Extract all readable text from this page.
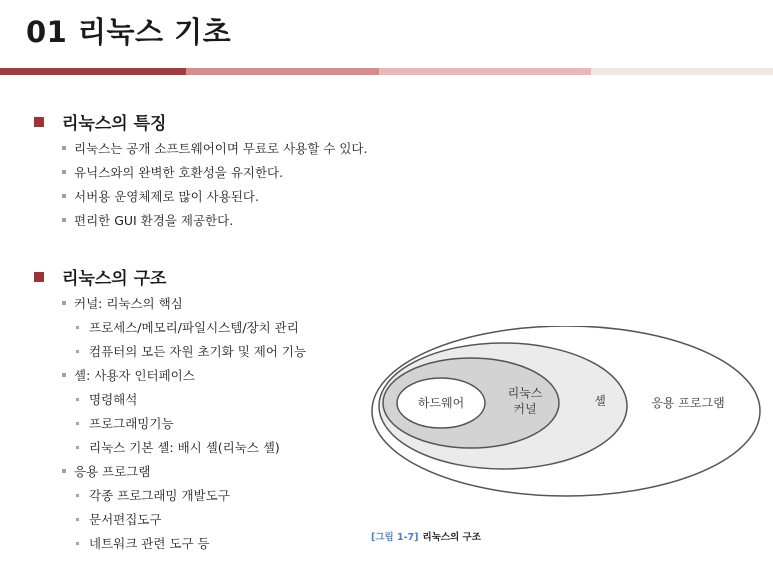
01 리눅스 기초
리눅스의 특징
리눅스는 공개 소프트웨어이며 무료로 사용할 수 있다.
유닉스와의 완벽한 호환성을 유지한다.
서버용 운영체제로 많이 사용된다.
편리한 GUI 환경을 제공한다.
리눅스의 구조
커널: 리눅스의 핵심
프로세스/메모리/파일시스템/장치 관리
컴퓨터의 모든 자원 초기화 및 제어 기능
셸: 사용자 인터페이스
명령해석
프로그래밍기능
리눅스 기본 셸: 배시 셸(리눅스 셸)
응용 프로그램
각종 프로그래밍 개발도구
문서편집도구
네트워크 관련 도구 등
하드웨어
리눅스
커널
셸	응용 프로그램
[그림 1-7] 리눅스의 구조
